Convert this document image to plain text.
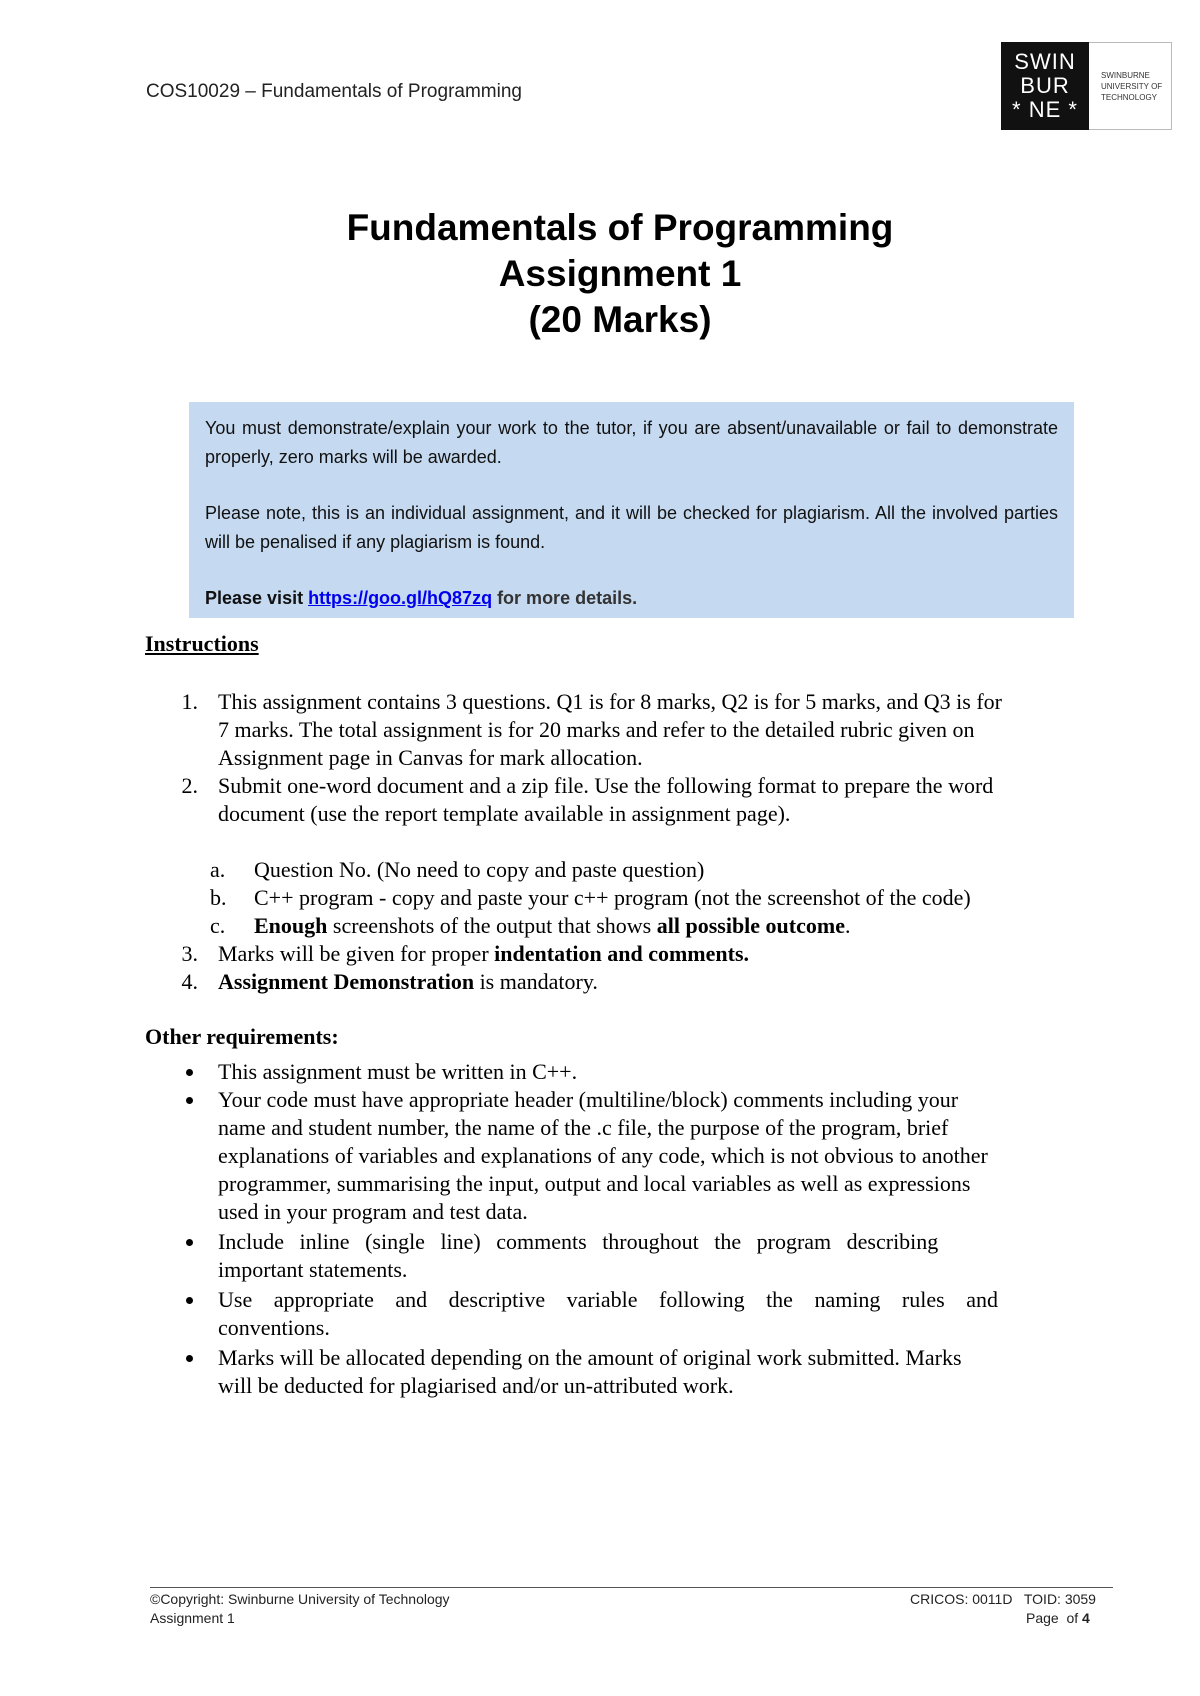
COS10029 – Fundamentals of Programming
SWIN
BUR
* NE *
SWINBURNE
UNIVERSITY OF
TECHNOLOGY
Fundamentals of Programming
Assignment 1
(20 Marks)

You must demonstrate/explain your work to the tutor, if you are absent/unavailable or fail to demonstrate properly, zero marks will be awarded.

Please note, this is an individual assignment, and it will be checked for plagiarism. All the involved parties will be penalised if any plagiarism is found.

Please visit https://goo.gl/hQ87zq for more details.

Instructions
1. This assignment contains 3 questions. Q1 is for 8 marks, Q2 is for 5 marks, and Q3 is for
7 marks. The total assignment is for 20 marks and refer to the detailed rubric given on
Assignment page in Canvas for mark allocation.
2. Submit one-word document and a zip file. Use the following format to prepare the word
document (use the report template available in assignment page).
a.	Question No. (No need to copy and paste question)
b.	C++ program - copy and paste your c++ program (not the screenshot of the code)
c.	Enough screenshots of the output that shows all possible outcome.
3. Marks will be given for proper indentation and comments.
4. Assignment Demonstration is mandatory.
Other requirements:
This assignment must be written in C++.
Your code must have appropriate header (multiline/block) comments including your
name and student number, the name of the .c file, the purpose of the program, brief
explanations of variables and explanations of any code, which is not obvious to another
programmer, summarising the input, output and local variables as well as expressions
used in your program and test data.
Include inline (single line) comments throughout the program describing
important statements.
Use appropriate and descriptive variable following the naming rules and
conventions.
Marks will be allocated depending on the amount of original work submitted. Marks
will be deducted for plagiarised and/or un-attributed work.
©Copyright: Swinburne University of Technology
Assignment 1
CRICOS: 0011D   TOID: 3059
Page  of 4
